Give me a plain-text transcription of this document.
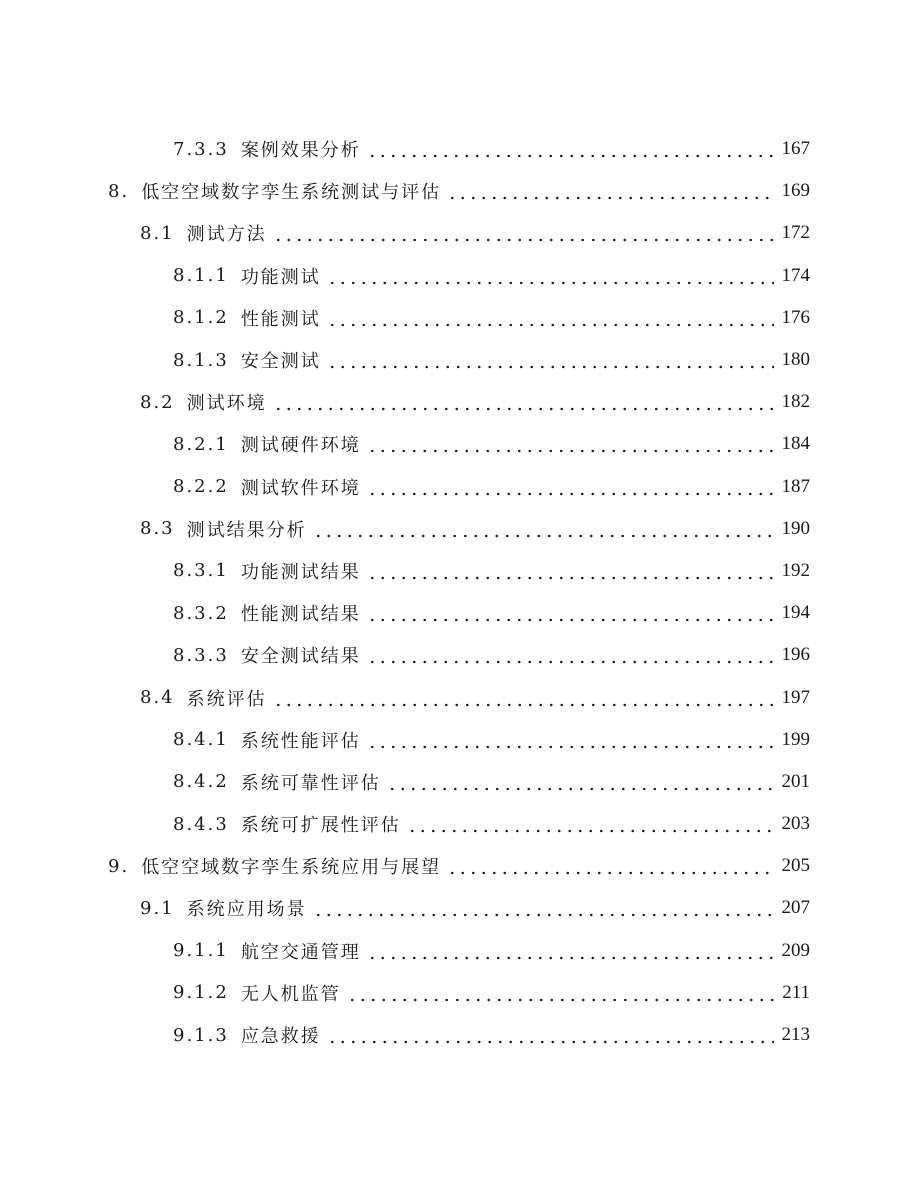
7.3.3 案例效果分析	167
8. 低空空域数字孪生系统测试与评估	169
8.1 测试方法	172
8.1.1 功能测试	174
8.1.2 性能测试	176
8.1.3 安全测试	180
8.2 测试环境	182
8.2.1 测试硬件环境	184
8.2.2 测试软件环境	187
8.3 测试结果分析	190
8.3.1 功能测试结果	192
8.3.2 性能测试结果	194
8.3.3 安全测试结果	196
8.4 系统评估	197
8.4.1 系统性能评估	199
8.4.2 系统可靠性评估	201
8.4.3 系统可扩展性评估	203
9. 低空空域数字孪生系统应用与展望	205
9.1 系统应用场景	207
9.1.1 航空交通管理	209
9.1.2 无人机监管	211
9.1.3 应急救援	213
